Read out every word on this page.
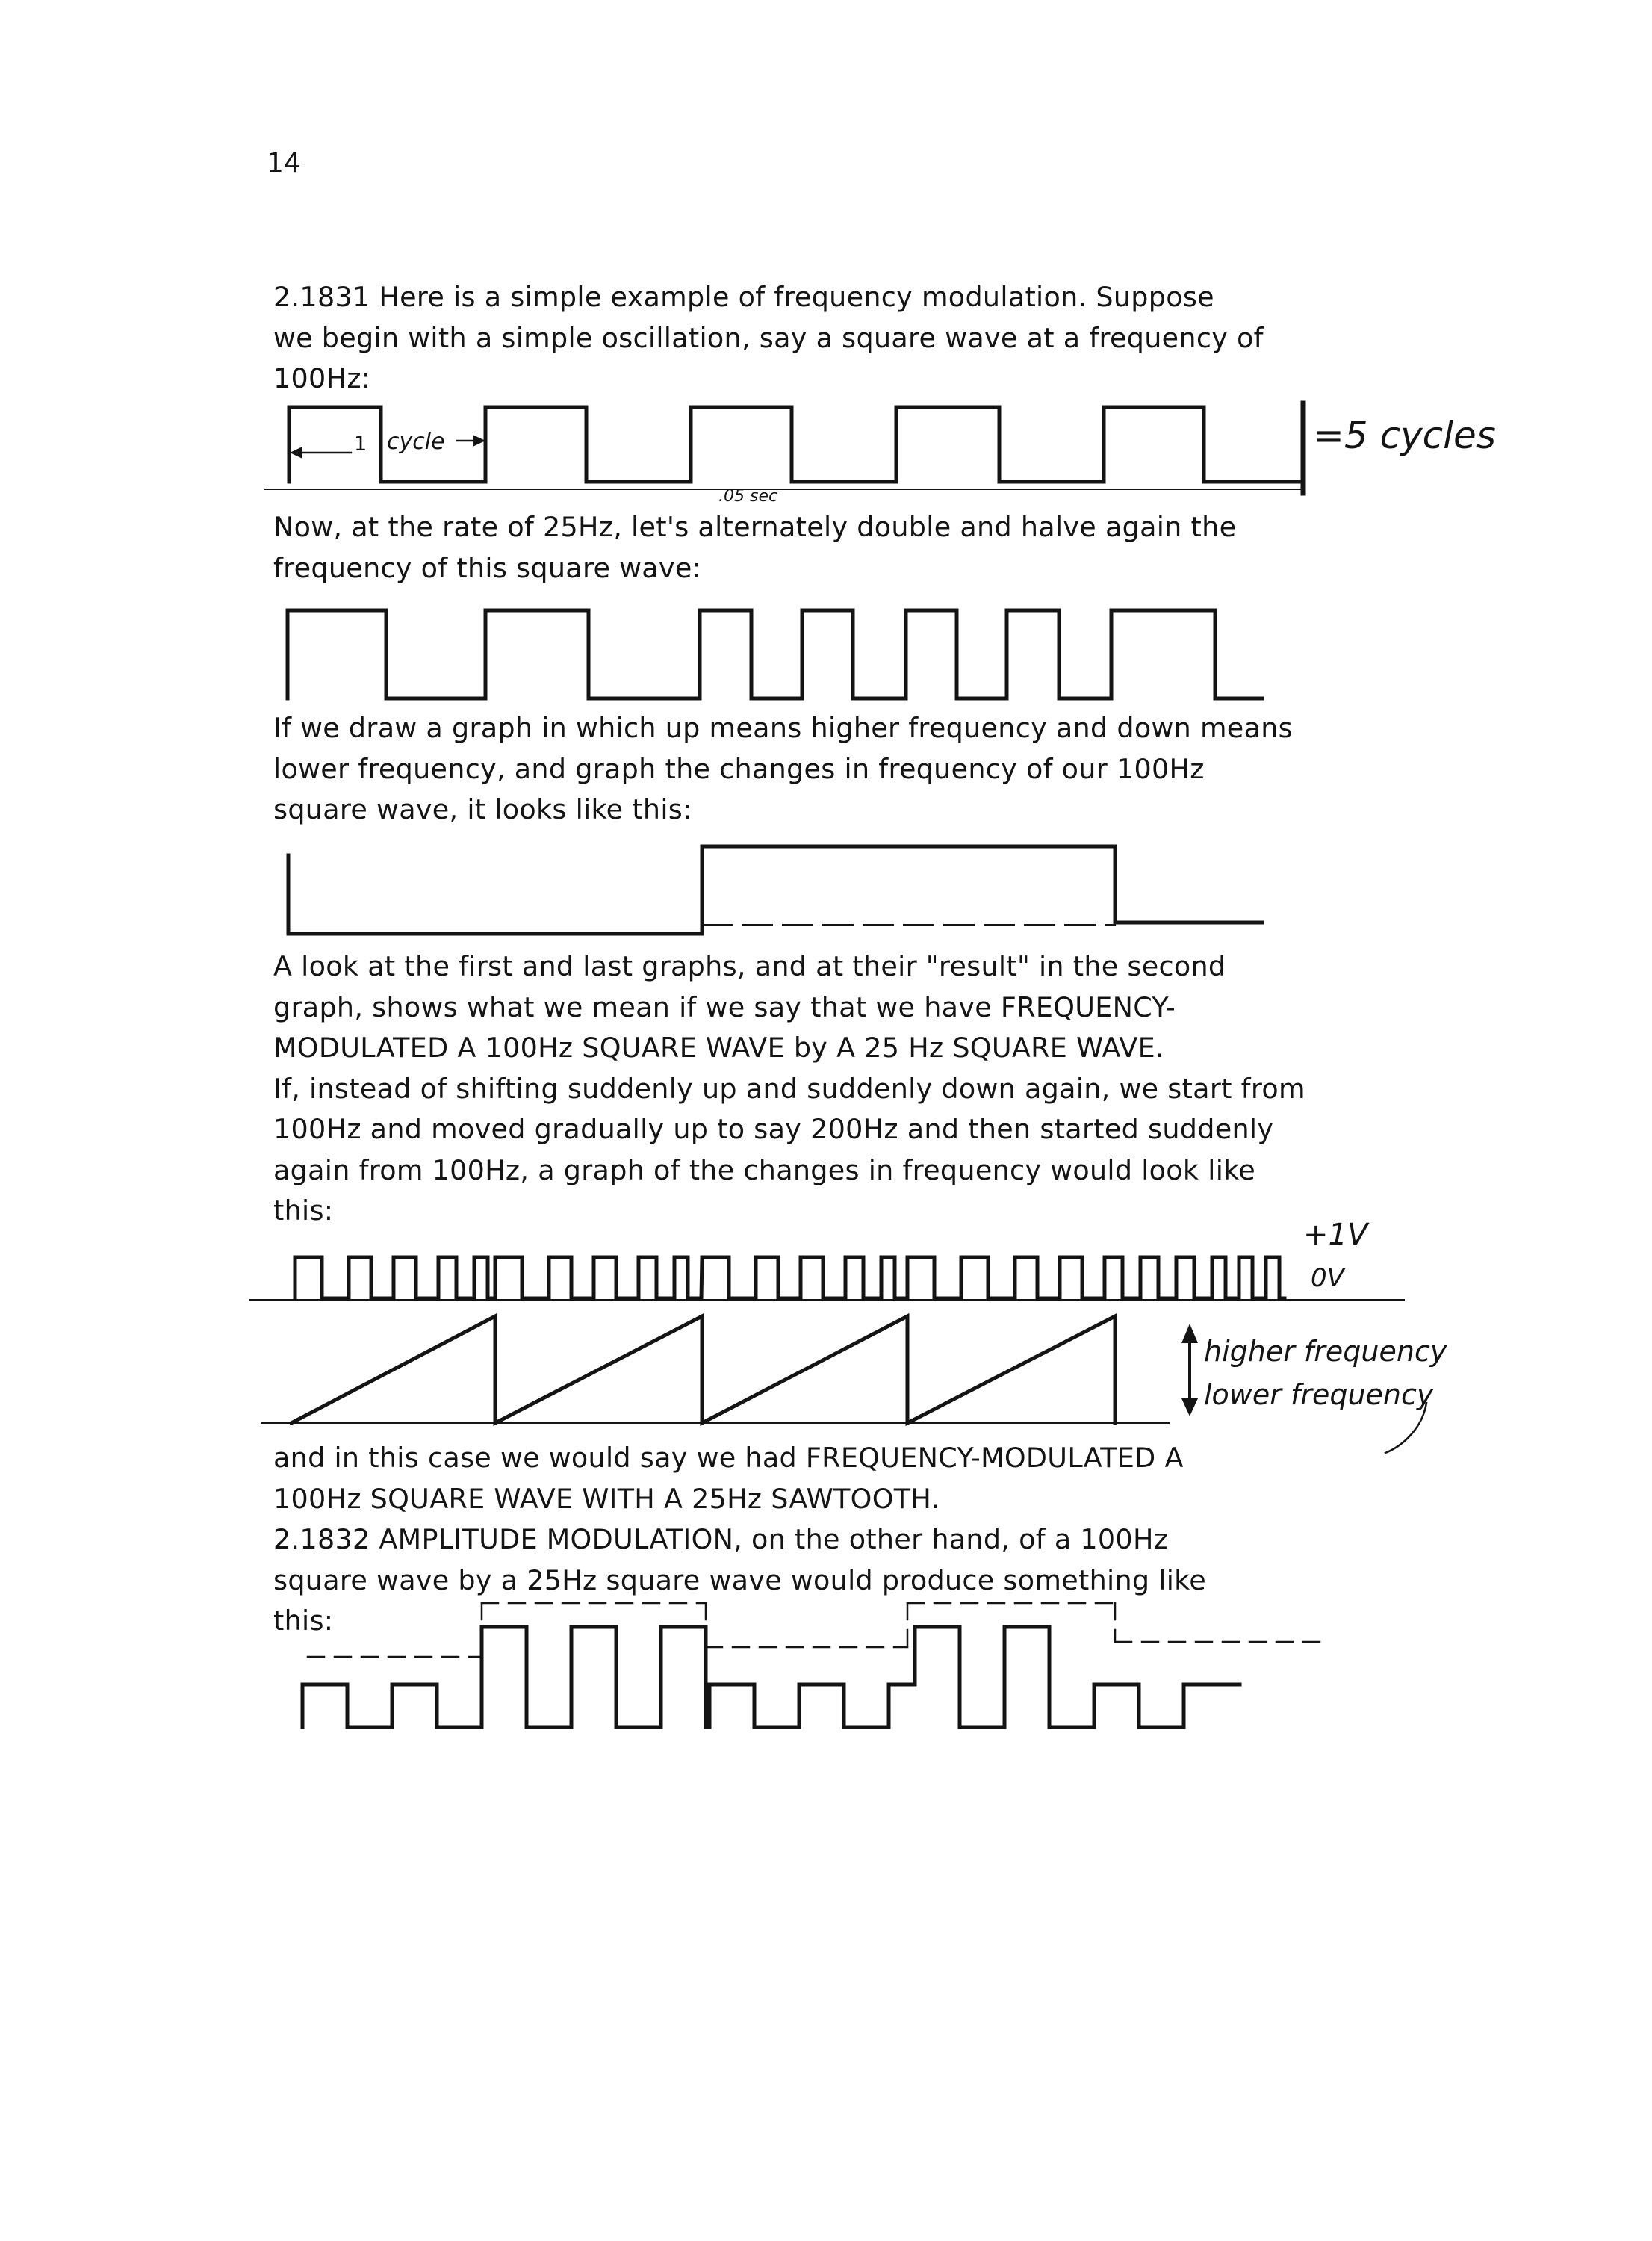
14
2.1831 Here is a simple example of frequency modulation. Suppose
we begin with a simple oscillation, say a square wave at a frequency of
100Hz:
Now, at the rate of 25Hz, let's alternately double and halve again the
frequency of this square wave:
If we draw a graph in which up means higher frequency and down means
lower frequency, and graph the changes in frequency of our 100Hz
square wave, it looks like this:
A look at the first and last graphs, and at their "result" in the second
graph, shows what we mean if we say that we have FREQUENCY-
MODULATED A 100Hz SQUARE WAVE by A 25 Hz SQUARE WAVE.
If, instead of shifting suddenly up and suddenly down again, we start from
100Hz and moved gradually up to say 200Hz and then started suddenly
again from 100Hz, a graph of the changes in frequency would look like
this:
and in this case we would say we had FREQUENCY-MODULATED A
100Hz SQUARE WAVE WITH A 25Hz SAWTOOTH.
2.1832 AMPLITUDE MODULATION, on the other hand, of a 100Hz
square wave by a 25Hz square wave would produce something like
this:
1 cycle
.05 sec
=5 cycles
+1V
0V
higher frequency
lower frequency
